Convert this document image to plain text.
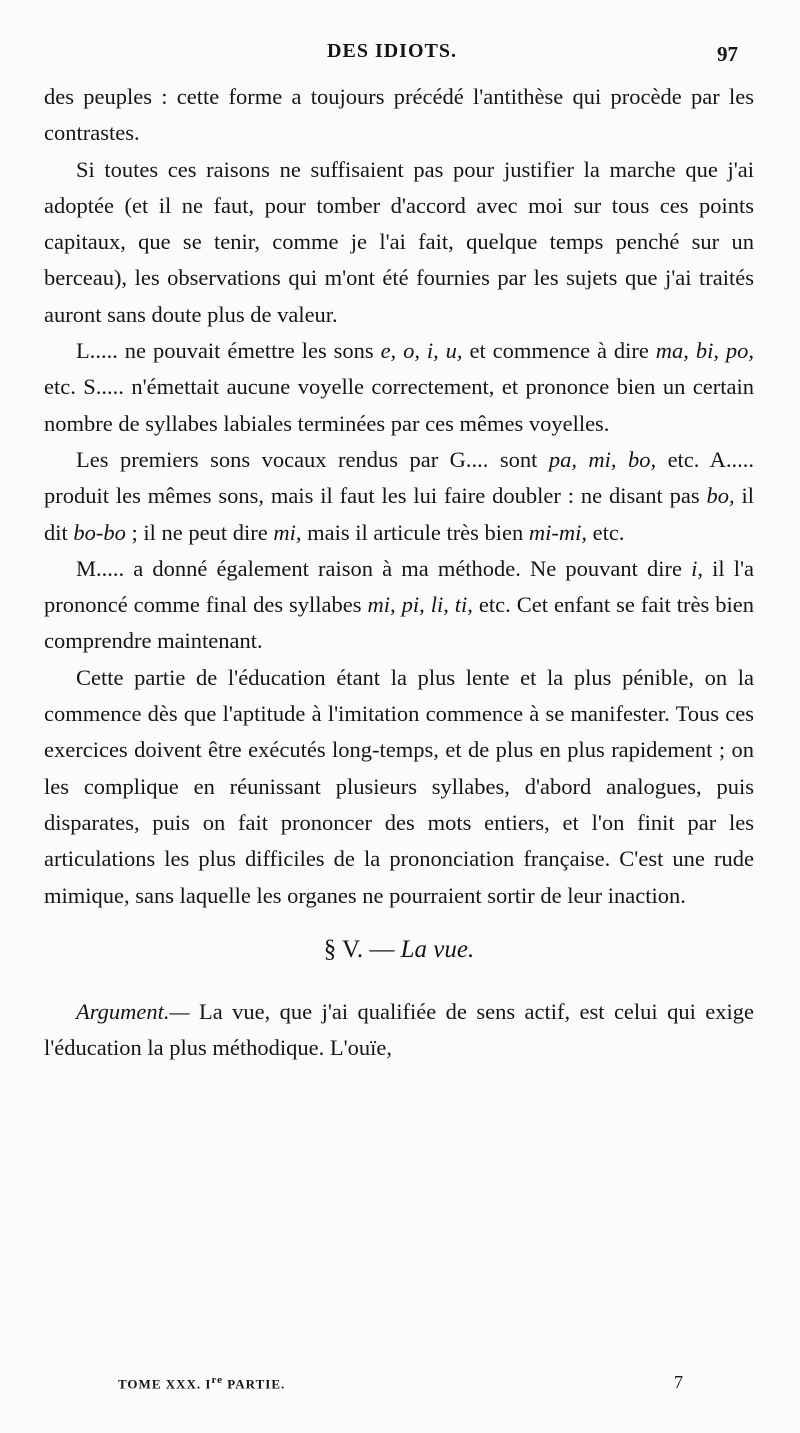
DES IDIOTS.	97

des peuples : cette forme a toujours précédé l'antithèse qui procède par les contrastes.

Si toutes ces raisons ne suffisaient pas pour justifier la marche que j'ai adoptée (et il ne faut, pour tomber d'accord avec moi sur tous ces points capitaux, que se tenir, comme je l'ai fait, quelque temps penché sur un berceau), les observations qui m'ont été fournies par les sujets que j'ai traités auront sans doute plus de valeur.

L..... ne pouvait émettre les sons e, o, i, u, et commence à dire ma, bi, po, etc. S..... n'émettait aucune voyelle correctement, et prononce bien un certain nombre de syllabes labiales terminées par ces mêmes voyelles.

Les premiers sons vocaux rendus par G.... sont pa, mi, bo, etc. A..... produit les mêmes sons, mais il faut les lui faire doubler : ne disant pas bo, il dit bo-bo ; il ne peut dire mi, mais il articule très bien mi-mi, etc.

M..... a donné également raison à ma méthode. Ne pouvant dire i, il l'a prononcé comme final des syllabes mi, pi, li, ti, etc. Cet enfant se fait très bien comprendre maintenant.

Cette partie de l'éducation étant la plus lente et la plus pénible, on la commence dès que l'aptitude à l'imitation commence à se manifester. Tous ces exercices doivent être exécutés long-temps, et de plus en plus rapidement ; on les complique en réunissant plusieurs syllabes, d'abord analogues, puis disparates, puis on fait prononcer des mots entiers, et l'on finit par les articulations les plus difficiles de la prononciation française. C'est une rude mimique, sans laquelle les organes ne pourraient sortir de leur inaction.

§ V. — La vue.

Argument.— La vue, que j'ai qualifiée de sens actif, est celui qui exige l'éducation la plus méthodique. L'ouïe,

TOME XXX. Ire PARTIE.	7
